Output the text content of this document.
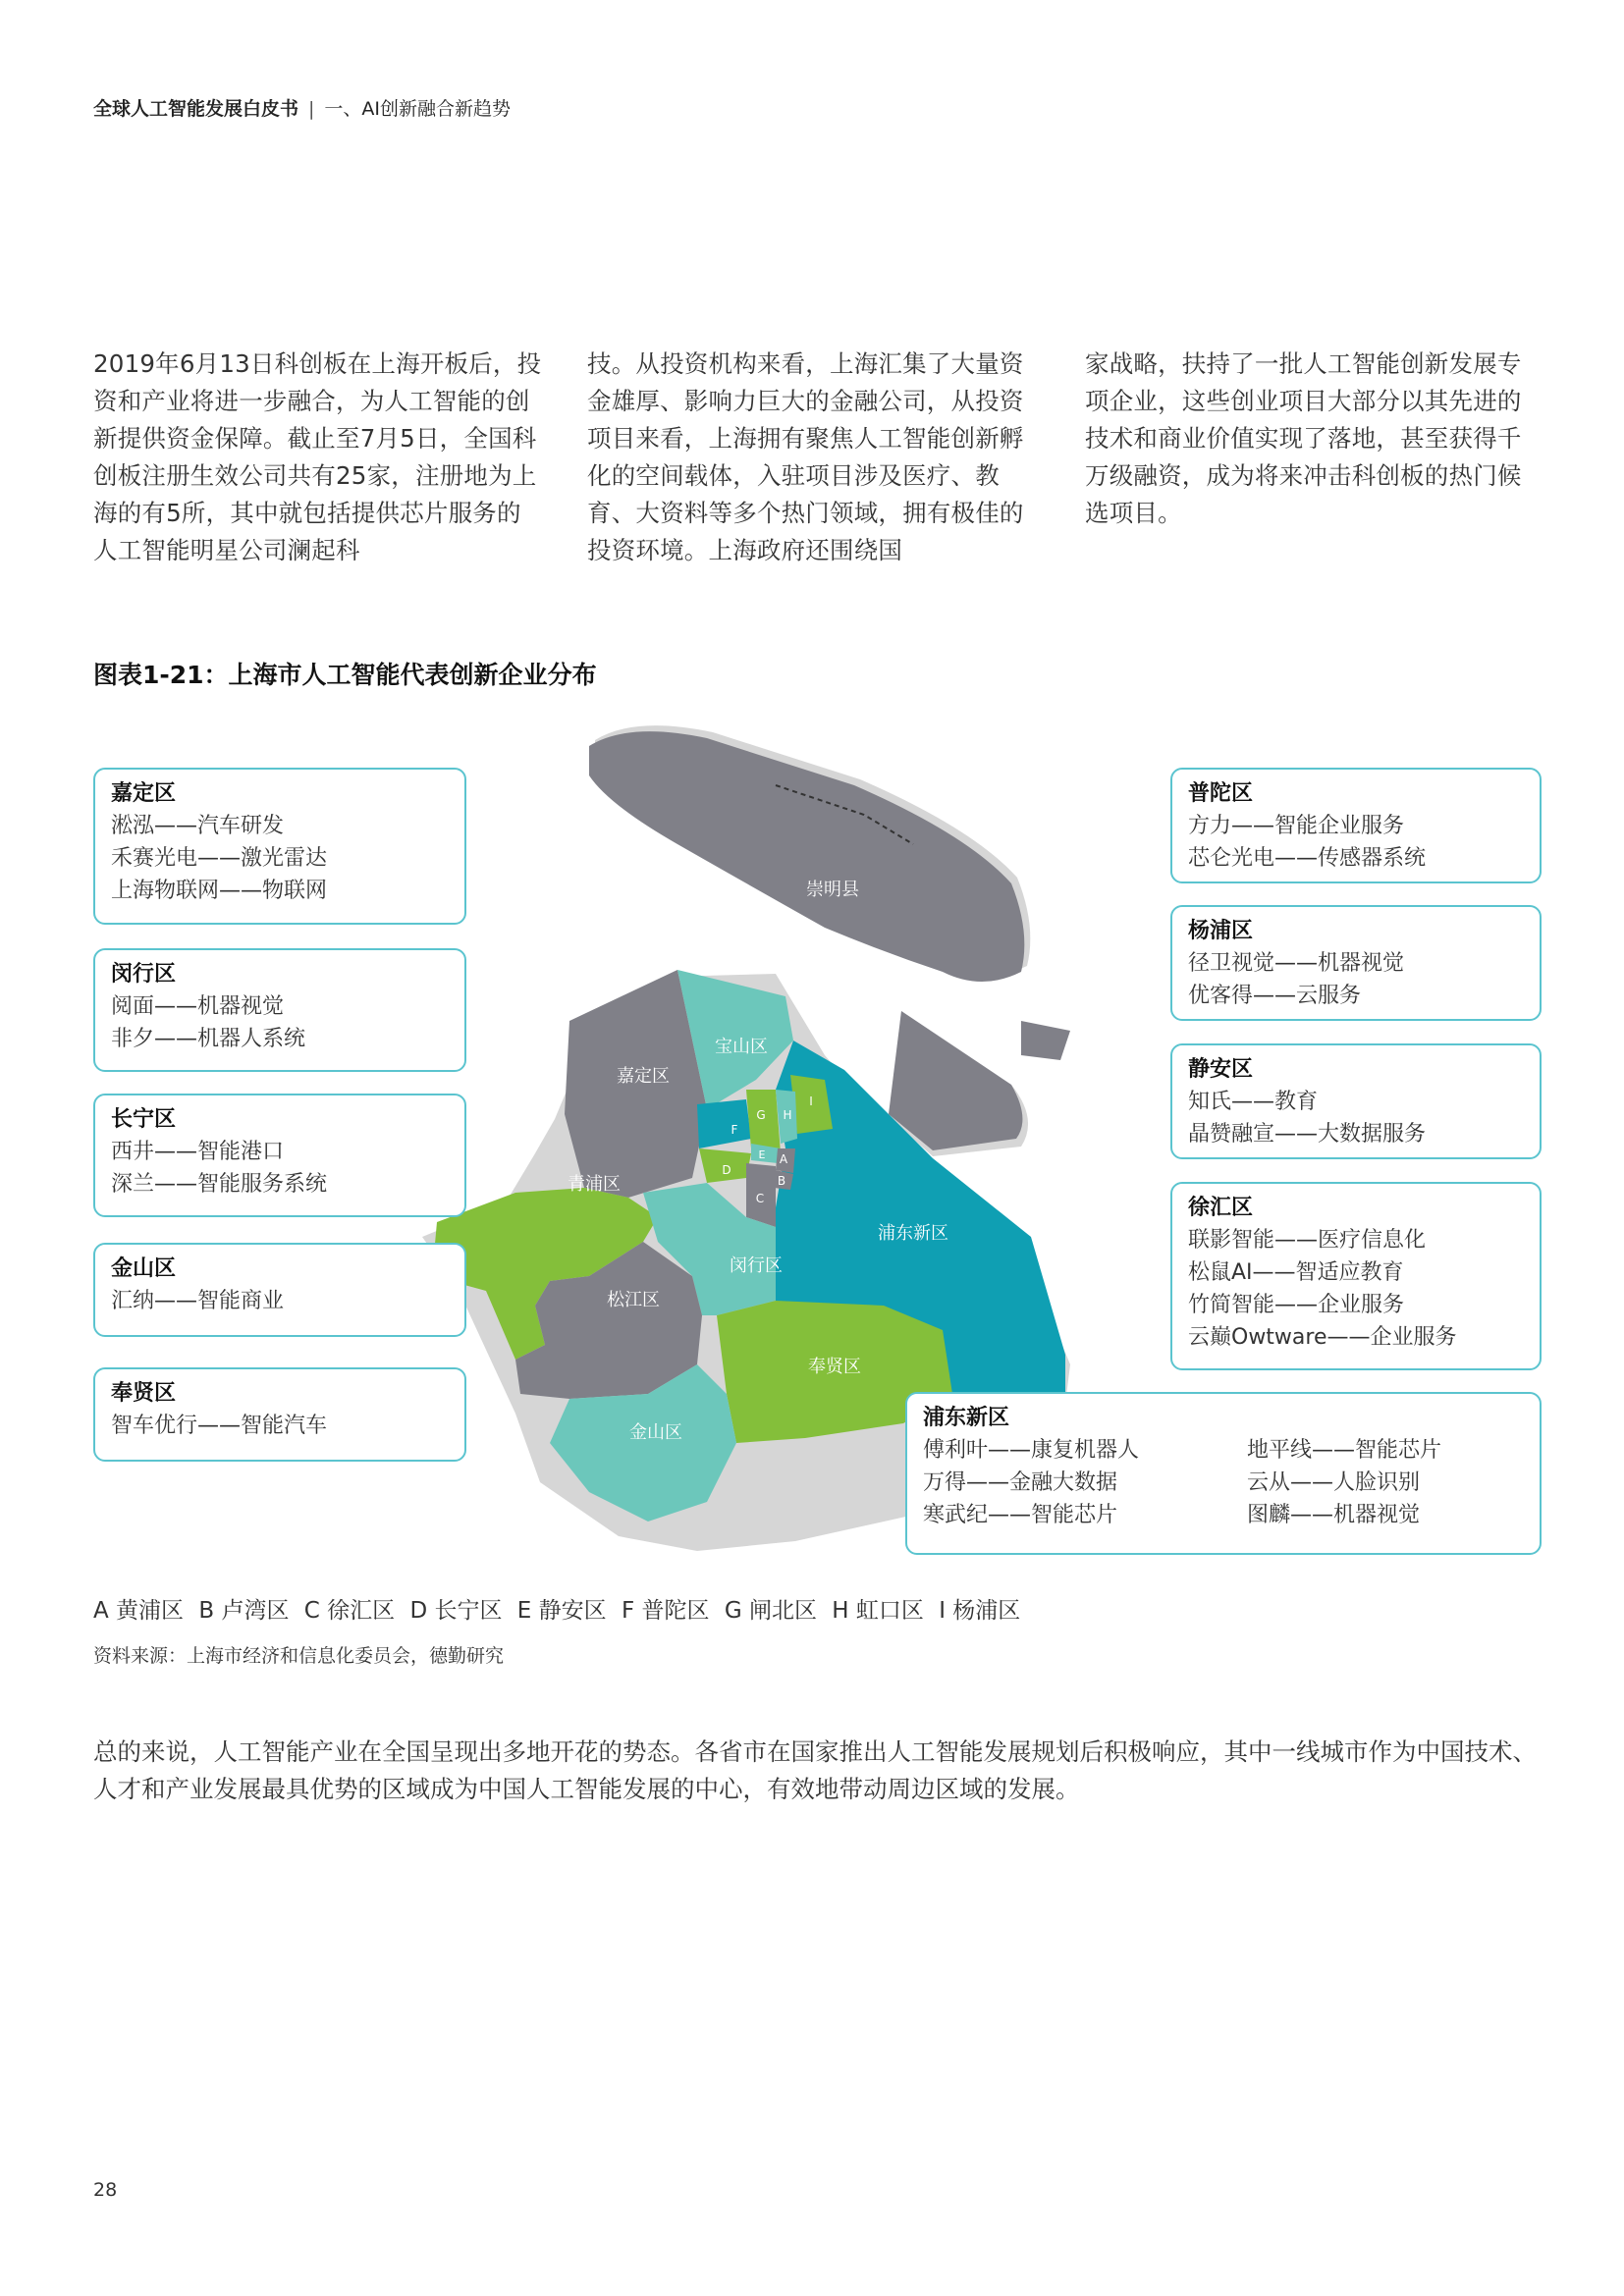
全球人工智能发展白皮书 | 一、AI创新融合新趋势
2019年6月13日科创板在上海开板后，投资和产业将进一步融合，为人工智能的创新提供资金保障。截止至7月5日，全国科创板注册生效公司共有25家，注册地为上海的有5所，其中就包括提供芯片服务的人工智能明星公司澜起科
技。从投资机构来看，上海汇集了大量资金雄厚、影响力巨大的金融公司，从投资项目来看，上海拥有聚焦人工智能创新孵化的空间载体，入驻项目涉及医疗、教育、大资料等多个热门领域，拥有极佳的投资环境。上海政府还围绕国
家战略，扶持了一批人工智能创新发展专项企业，这些创业项目大部分以其先进的技术和商业价值实现了落地，甚至获得千万级融资，成为将来冲击科创板的热门候选项目。
图表1-21：上海市人工智能代表创新企业分布
崇明县
宝山区
嘉定区
青浦区
松江区
闵行区
浦东新区
奉贤区
金山区
A
B
C
D
E
F
G H
I
嘉定区
淞泓——汽车研发
禾赛光电——激光雷达
上海物联网——物联网
闵行区
阅面——机器视觉
非夕——机器人系统
长宁区
西井——智能港口
深兰——智能服务系统
金山区
汇纳——智能商业
奉贤区
智车优行——智能汽车
普陀区
方力——智能企业服务
芯仑光电——传感器系统
杨浦区
径卫视觉——机器视觉
优客得——云服务
静安区
知氏——教育
晶赞融宣——大数据服务
徐汇区
联影智能——医疗信息化
松鼠AI——智适应教育
竹简智能——企业服务
云巅Owtware——企业服务
浦东新区
傅利叶——康复机器人	地平线——智能芯片
万得——金融大数据	云从——人脸识别
寒武纪——智能芯片	图麟——机器视觉
A 黄浦区 B 卢湾区 C 徐汇区 D 长宁区 E 静安区 F 普陀区 G 闸北区 H 虹口区 I 杨浦区
资料来源：上海市经济和信息化委员会，德勤研究
总的来说，人工智能产业在全国呈现出多地开花的势态。各省市在国家推出人工智能发展规划后积极响应，其中一线城市作为中国技术、人才和产业发展最具优势的区域成为中国人工智能发展的中心，有效地带动周边区域的发展。
28
